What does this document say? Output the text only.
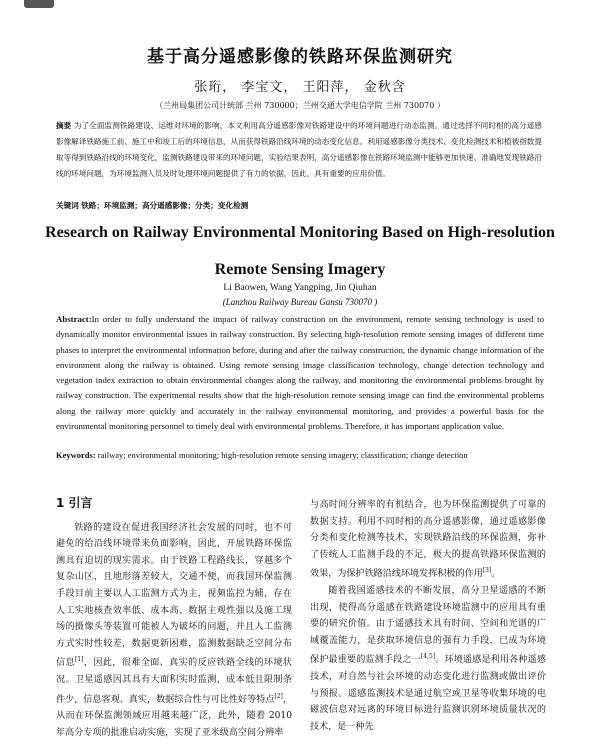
基于高分遥感影像的铁路环保监测研究
张珩， 李宝文， 王阳萍， 金秋含
（兰州局集团公司计统部 兰州 730000；兰州交通大学电信学院 兰州 730070 ）
摘要 为了全面监测铁路建设、运维对环境的影响，本文利用高分遥感影像对铁路建设中的环境问题进行动态监测。通过选择不同时相的高分遥感影像解译铁路施工前、施工中和竣工后的环境信息，从而获得铁路沿线环境的动态变化信息。利用遥感影像分类技术、变化检测技术和植被指数提取等得到铁路沿线的环境变化，监测铁路建设带来的环境问题，实验结果表明，高分遥感影像在铁路环境监测中能够更加快速、准确地发现铁路沿线的环境问题，为环境监测人员及时处理环境问题提供了有力的依据，因此，具有重要的应用价值。
关键词 铁路；环境监测；高分遥感影像；分类；变化检测
Research on Railway Environmental Monitoring Based on High-resolution
Remote Sensing Imagery
Li Baowen, Wang Yangping, Jin Qiuhan
(Lanzhou Railway Bureau Gansu 730070 )
Abstract:In order to fully understand the impact of railway construction on the environment, remote sensing technology is used to dynamically monitor environmental issues in railway construction. By selecting high-resolution remote sensing images of different time phases to interpret the environmental information before, during and after the railway construction, the dynamic change information of the environment along the railway is obtained. Using remote sensing image classification technology, change detection technology and vegetation index extraction to obtain environmental changes along the railway, and monitoring the environmental problems brought by railway construction. The experimental results show that the high-resolution remote sensing image can find the environmental problems along the railway more quickly and accurately in the railway environmental monitoring, and provides a powerful basis for the environmental monitoring personnel to timely deal with environmental problems. Therefore, it has important application value.
Keywords: railway; environmental monitoring; high-resolution remote sensing imagery; classification; change detection
1 引言

铁路的建设在促进我国经济社会发展的同时，也不可避免的给沿线环境带来负面影响，因此，开展铁路环保监测具有迫切的现实需求。由于铁路工程路线长，穿越多个复杂山区，且地形落差较大，交通不便，而我国环保监测手段目前主要以人工监测方式为主，视频监控为辅，存在人工实地核查效率低、成本高、数据主观性强以及施工现场的摄像头等装置可能被人为破坏的问题，并且人工监测方式实时性较差，数据更新困难，监测数据缺乏空间分布信息[1]，因此，很难全面、真实的反应铁路全线的环境状况。卫星遥感因其具有大面积实时监测，成本低且限制条件少，信息客观、真实，数据综合性与可比性好等特点[2]，从而在环保监测领域应用越来越广泛，此外，随着 2010 年高分专项的批准启动实施，实现了亚米级高空间分辨率

与高时间分辨率的有机结合，也为环保监测提供了可靠的数据支持。利用不同时相的高分遥感影像，通过遥感影像分类和变化检测等技术，实现铁路沿线的环保监测，弥补了传统人工监测手段的不足，极大的提高铁路环保监测的效果，为保护铁路沿线环境发挥积极的作用[3]。

随着我国遥感技术的不断发展，高分卫星遥感的不断出现，使得高分遥感在铁路建设环境监测中的应用具有重要的研究价值。由于遥感技术具有时间、空间和光谱的广域覆盖能力，是获取环境信息的强有力手段，已成为环境保护最重要的监测手段之一[4,5]。环境遥感是利用各种遥感技术，对自然与社会环境的动态变化进行监测或做出评价与预报。遥感监测技术是通过航空或卫星等收集环境的电磁波信息对远离的环境目标进行监测识别环境质量状况的技术，是一种先
